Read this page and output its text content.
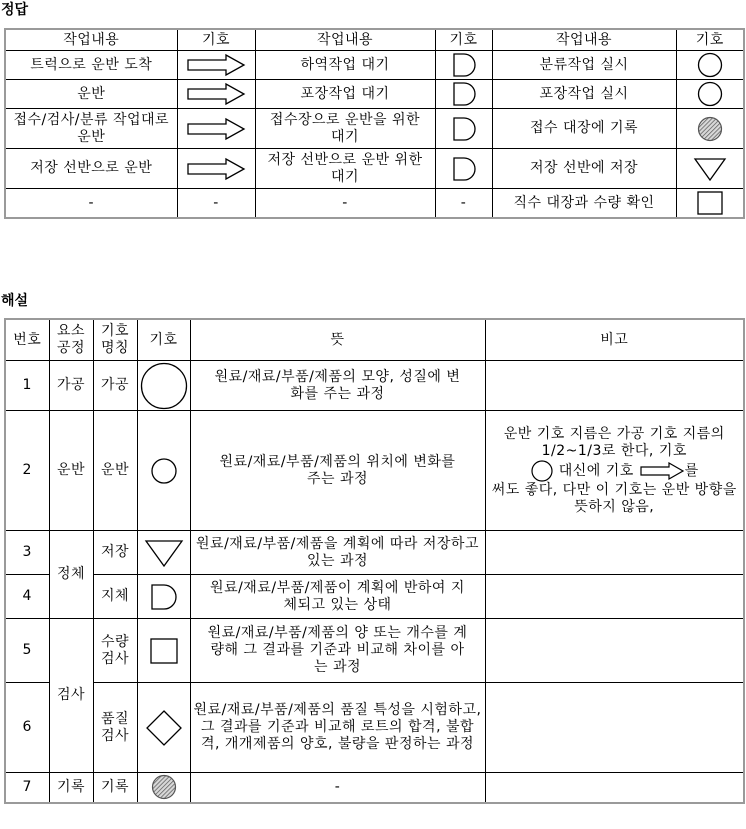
정답
작업내용	기호	작업내용	기호	작업내용	기호
트럭으로 운반 도착		하역작업 대기		분류작업 실시	
운반		포장작업 대기		포장작업 실시	
접수/검사/분류 작업대로 운반		접수장으로 운반을 위한 대기		접수 대장에 기록	
저장 선반으로 운반		저장 선반으로 운반 위한 대기		저장 선반에 저장	
-	-	-	-	직수 대장과 수량 확인	
해설
번호	요소 공정	기호 명칭	기호	뜻	비고
1	가공	가공		원료/재료/부품/제품의 모양, 성질에 변화를 주는 과정	
2	운반	운반		원료/재료/부품/제품의 위치에 변화를 주는 과정	운반 기호 지름은 가공 기호 지름의 1/2~1/3로 한다, 기호
대신에 기호 를
써도 좋다, 다만 이 기호는 운반 방향을 뜻하지 않음,
3	정체	저장		원료/재료/부품/제품을 계획에 따라 저장하고 있는 과정	
4		지체		원료/재료/부품/제품이 계획에 반하여 지체되고 있는 상태	
5	검사	수량 검사		원료/재료/부품/제품의 양 또는 개수를 계량해 그 결과를 기준과 비교해 차이를 아는 과정	
6		품질 검사		원료/재료/부품/제품의 품질 특성을 시험하고, 그 결과를 기준과 비교해 로트의 합격, 불합격, 개개제품의 양호, 불량을 판정하는 과정	
7	기록	기록		-	
